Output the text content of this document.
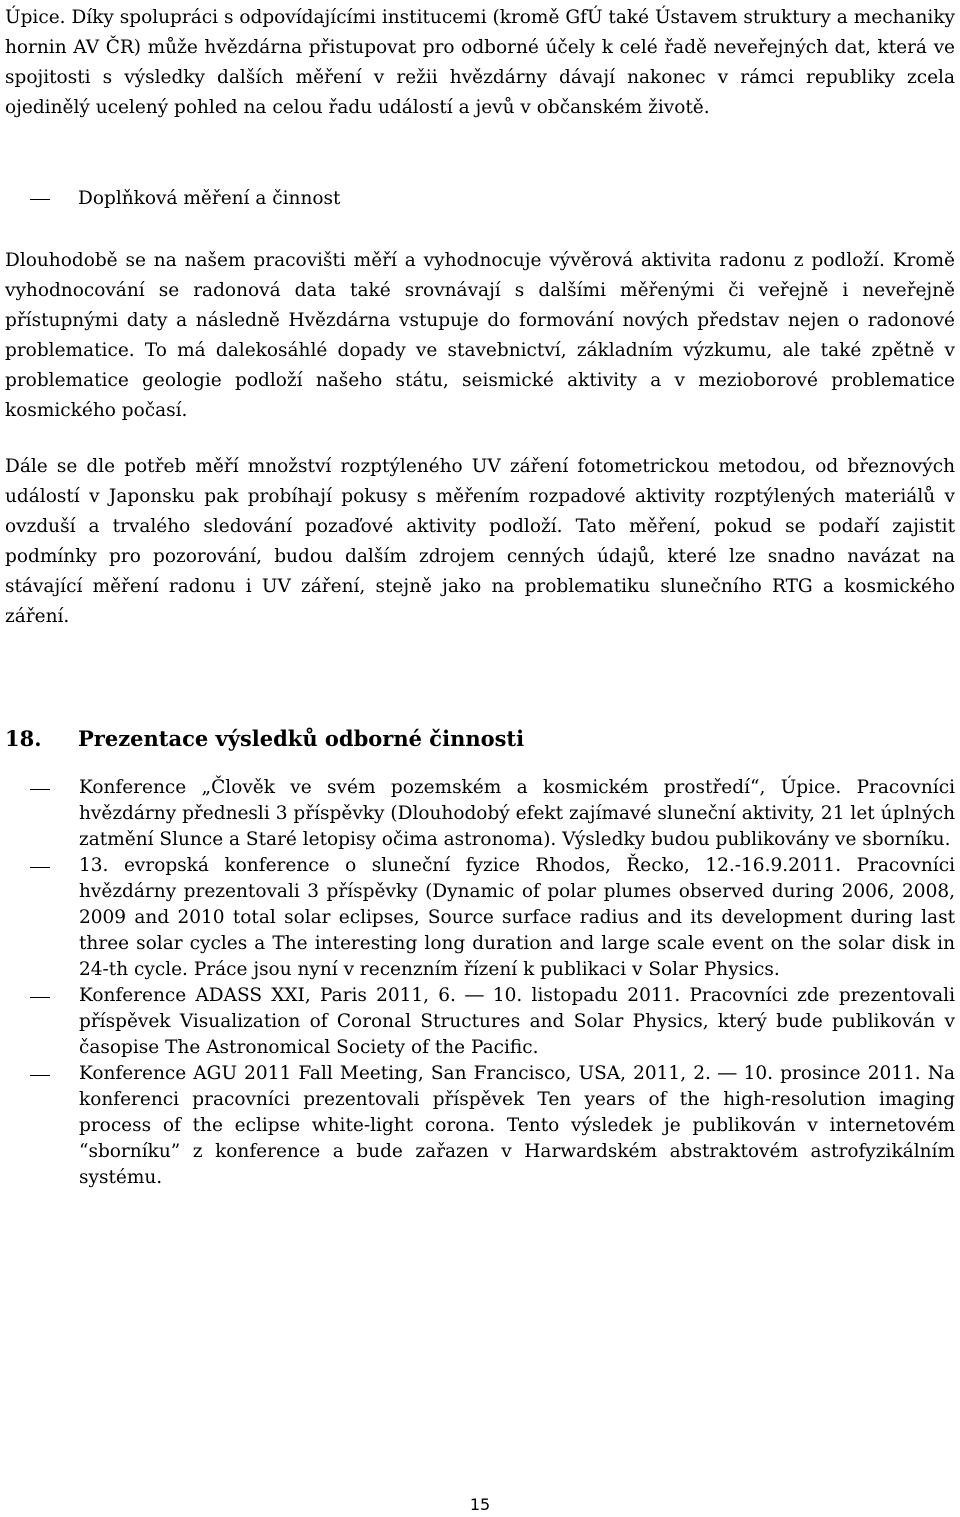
Úpice. Díky spolupráci s odpovídajícími institucemi (kromě GfÚ také Ústavem struktury a mechaniky hornin AV ČR) může hvězdárna přistupovat pro odborné účely k celé řadě neveřejných dat, která ve spojitosti s výsledky dalších měření v režii hvězdárny dávají nakonec v rámci republiky zcela ojedinělý ucelený pohled na celou řadu událostí a jevů v občanském životě.

Doplňková měření a činnost

Dlouhodobě se na našem pracovišti měří a vyhodnocuje vývěrová aktivita radonu z podloží. Kromě vyhodnocování se radonová data také srovnávají s dalšími měřenými či veřejně i neveřejně přístupnými daty a následně Hvězdárna vstupuje do formování nových představ nejen o radonové problematice. To má dalekosáhlé dopady ve stavebnictví, základním výzkumu, ale také zpětně v problematice geologie podloží našeho státu, seismické aktivity a v mezioborové problematice kosmického počasí.

Dále se dle potřeb měří množství rozptýleného UV záření fotometrickou metodou, od březnových událostí v Japonsku pak probíhají pokusy s měřením rozpadové aktivity rozptýlených materiálů v ovzduší a trvalého sledování pozaďové aktivity podloží. Tato měření, pokud se podaří zajistit podmínky pro pozorování, budou dalším zdrojem cenných údajů, které lze snadno navázat na stávající měření radonu i UV záření, stejně jako na problematiku slunečního RTG a kosmického záření.

18. Prezentace výsledků odborné činnosti
Konference „Člověk ve svém pozemském a kosmickém prostředí“, Úpice. Pracovníci hvězdárny přednesli 3 příspěvky (Dlouhodobý efekt zajímavé sluneční aktivity, 21 let úplných zatmění Slunce a Staré letopisy očima astronoma). Výsledky budou publikovány ve sborníku.
13. evropská konference o sluneční fyzice Rhodos, Řecko, 12.-16.9.2011. Pracovníci hvězdárny prezentovali 3 příspěvky (Dynamic of polar plumes observed during 2006, 2008, 2009 and 2010 total solar eclipses, Source surface radius and its development during last three solar cycles a The interesting long duration and large scale event on the solar disk in 24-th cycle. Práce jsou nyní v recenzním řízení k publikaci v Solar Physics.
Konference ADASS XXI, Paris 2011, 6. ― 10. listopadu 2011. Pracovníci zde prezentovali příspěvek Visualization of Coronal Structures and Solar Physics, který bude publikován v časopise The Astronomical Society of the Pacific.
Konference AGU 2011 Fall Meeting, San Francisco, USA, 2011, 2. ― 10. prosince 2011. Na konferenci pracovníci prezentovali příspěvek Ten years of the high-resolution imaging process of the eclipse white-light corona. Tento výsledek je publikován v internetovém “sborníku” z konference a bude zařazen v Harwardském abstraktovém astrofyzikálním systému.
15
